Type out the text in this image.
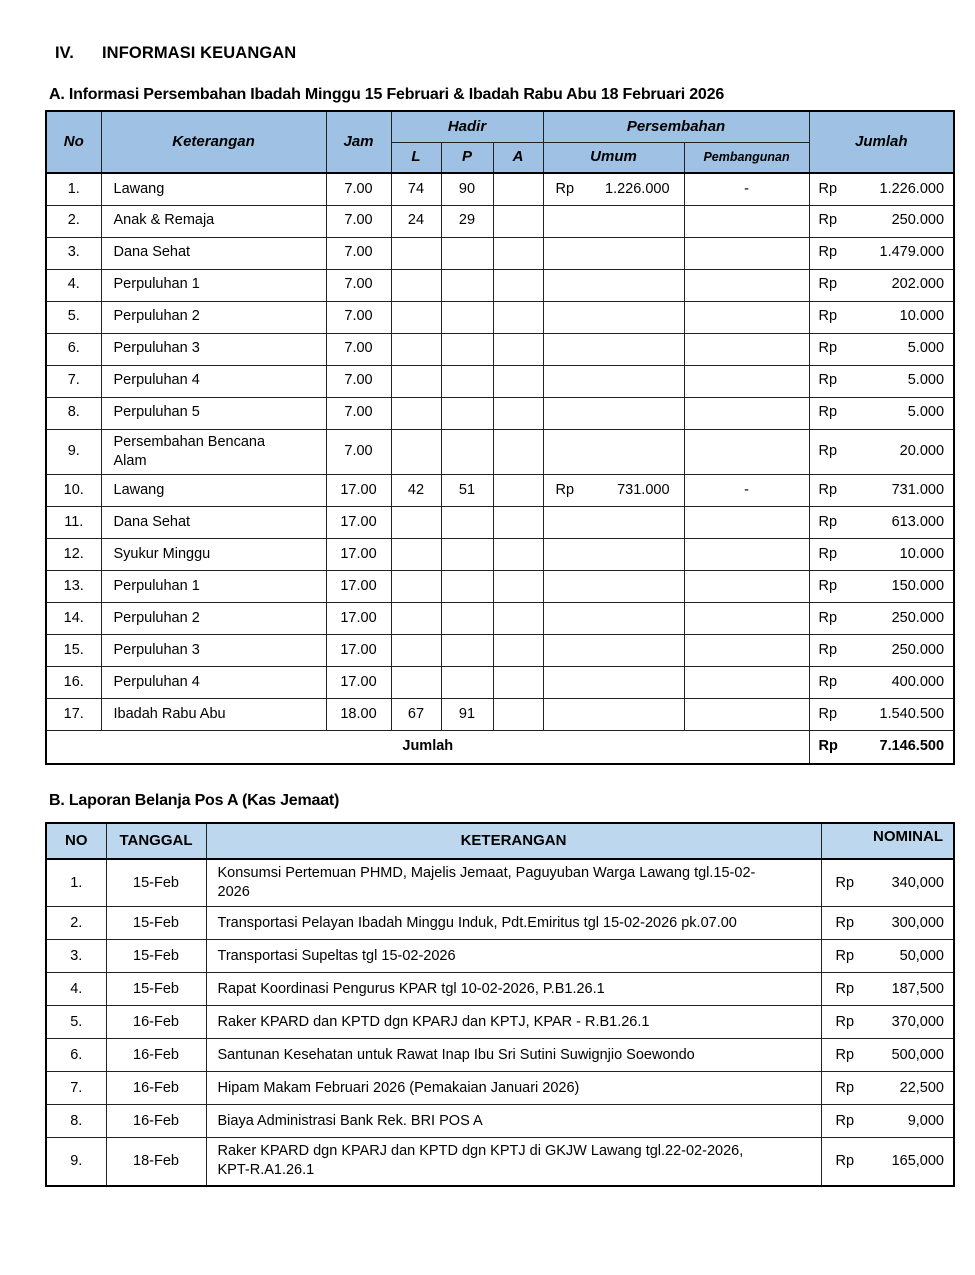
IV. INFORMASI KEUANGAN
A. Informasi Persembahan Ibadah Minggu 15 Februari & Ibadah Rabu Abu 18 Februari 2026
No	Keterangan	Jam	Hadir			Persembahan		Jumlah
			L	P	A	Umum	Pembangunan	
1.	Lawang	7.00	74	90		Rp 1.226.000	-	Rp 1.226.000

2.	Anak & Remaja	7.00	24	29				Rp 250.000

3.	Dana Sehat	7.00						Rp 1.479.000

4.	Perpuluhan 1	7.00						Rp 202.000

5.	Perpuluhan 2	7.00						Rp 10.000

6.	Perpuluhan 3	7.00						Rp 5.000

7.	Perpuluhan 4	7.00						Rp 5.000

8.	Perpuluhan 5	7.00						Rp 5.000

9.	Persembahan Bencana Alam	7.00						Rp 20.000

10.	Lawang	17.00	42	51		Rp 731.000	-	Rp 731.000

11.	Dana Sehat	17.00						Rp 613.000

12.	Syukur Minggu	17.00						Rp 10.000

13.	Perpuluhan 1	17.00						Rp 150.000

14.	Perpuluhan 2	17.00						Rp 250.000

15.	Perpuluhan 3	17.00						Rp 250.000

16.	Perpuluhan 4	17.00						Rp 400.000

17.	Ibadah Rabu Abu	18.00	67	91				Rp 1.540.500

Jumlah								Rp 7.146.500
B. Laporan Belanja Pos A (Kas Jemaat)
NO	TANGGAL	KETERANGAN	NOMINAL
1.	15-Feb	Konsumsi Pertemuan PHMD, Majelis Jemaat, Paguyuban Warga Lawang tgl.15-02-2026	Rp 340,000

2.	15-Feb	Transportasi Pelayan Ibadah Minggu Induk, Pdt.Emiritus tgl 15-02-2026 pk.07.00	Rp 300,000

3.	15-Feb	Transportasi Supeltas tgl 15-02-2026	Rp 50,000

4.	15-Feb	Rapat Koordinasi Pengurus KPAR tgl 10-02-2026, P.B1.26.1	Rp 187,500

5.	16-Feb	Raker KPARD dan KPTD dgn KPARJ dan KPTJ, KPAR - R.B1.26.1	Rp 370,000

6.	16-Feb	Santunan Kesehatan untuk Rawat Inap Ibu Sri Sutini Suwignjio Soewondo	Rp 500,000

7.	16-Feb	Hipam Makam Februari 2026 (Pemakaian Januari 2026)	Rp 22,500

8.	16-Feb	Biaya Administrasi Bank Rek. BRI POS A	Rp 9,000

9.	18-Feb	Raker KPARD dgn KPARJ dan KPTD dgn KPTJ di GKJW Lawang tgl.22-02-2026, KPT-R.A1.26.1	Rp 165,000
